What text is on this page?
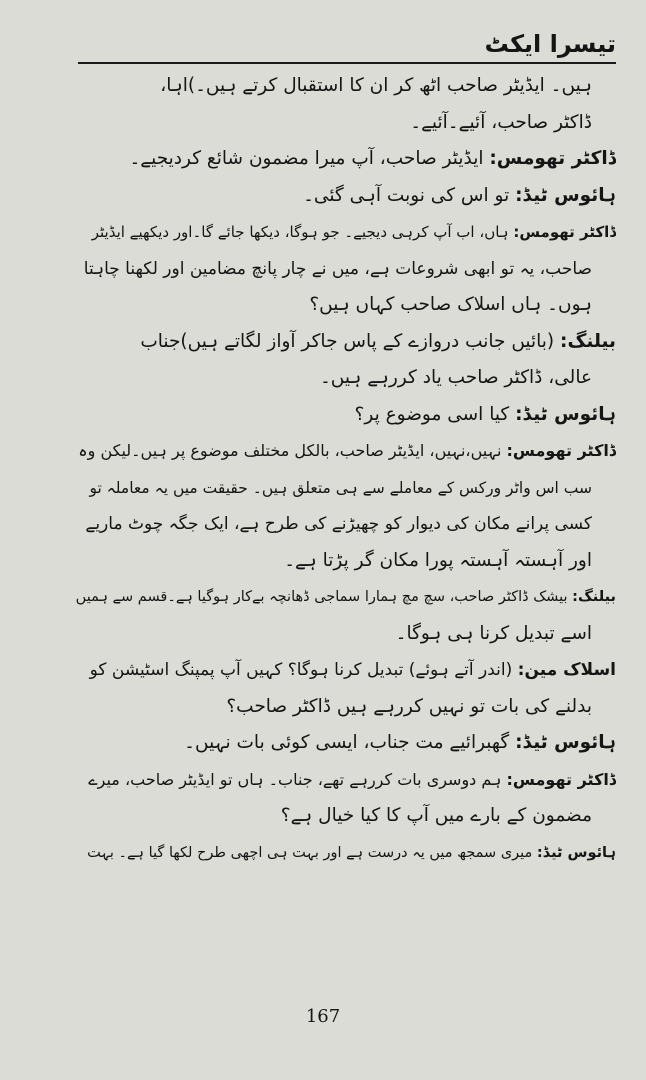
تیسرا ایکٹ
ہیں۔ ایڈیٹر صاحب اٹھ کر ان کا استقبال کرتے ہیں۔)اہا،
ڈاکٹر صاحب، آئیے۔آئیے۔
ڈاکٹر تھومس: ایڈیٹر صاحب، آپ میرا مضمون شائع کردیجیے۔
ہائوس ٹیڈ: تو اس کی نوبت آہی گئی۔
ڈاکٹر تھومس: ہاں، اب آپ کرہی دیجیے۔ جو ہوگا، دیکھا جائے گا۔اور دیکھیے ایڈیٹر
صاحب، یہ تو ابھی شروعات ہے، میں نے چار پانچ مضامین اور لکھنا چاہتا
ہوں۔ ہاں اسلاک صاحب کہاں ہیں؟
بیلنگ: (بائیں جانب دروازے کے پاس جاکر آواز لگاتے ہیں)جناب
عالی، ڈاکٹر صاحب یاد کررہے ہیں۔
ہائوس ٹیڈ: کیا اسی موضوع پر؟
ڈاکٹر تھومس: نہیں،نہیں، ایڈیٹر صاحب، بالکل مختلف موضوع پر ہیں۔لیکن وہ
سب اس واٹر ورکس کے معاملے سے ہی متعلق ہیں۔ حقیقت میں یہ معاملہ تو
کسی پرانے مکان کی دیوار کو چھیڑنے کی طرح ہے، ایک جگہ چوٹ ماریے
اور آہستہ آہستہ پورا مکان گر پڑتا ہے۔
بیلنگ: بیشک ڈاکٹر صاحب، سچ مچ ہمارا سماجی ڈھانچہ بےکار ہوگیا ہے۔قسم سے ہمیں
اسے تبدیل کرنا ہی ہوگا۔
اسلاک مین: (اندر آتے ہوئے) تبدیل کرنا ہوگا؟ کہیں آپ پمپنگ اسٹیشن کو
بدلنے کی بات تو نہیں کررہے ہیں ڈاکٹر صاحب؟
ہائوس ٹیڈ: گھبرائیے مت جناب، ایسی کوئی بات نہیں۔
ڈاکٹر تھومس: ہم دوسری بات کررہے تھے، جناب۔ ہاں تو ایڈیٹر صاحب، میرے
مضمون کے بارے میں آپ کا کیا خیال ہے؟
ہائوس ٹیڈ: میری سمجھ میں یہ درست ہے اور بہت ہی اچھی طرح لکھا گیا ہے۔ بہت
167
